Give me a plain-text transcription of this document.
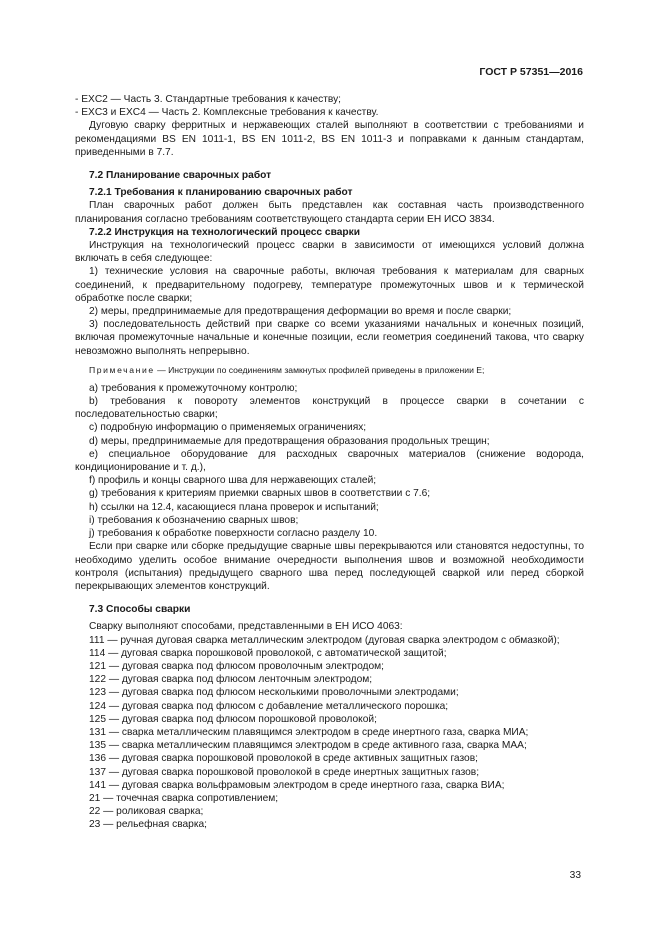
ГОСТ Р 57351—2016

- EXC2 — Часть 3. Стандартные требования к качеству;

- EXC3 и EXC4 — Часть 2. Комплексные требования к качеству.

Дуговую сварку ферритных и нержавеющих сталей выполняют в соответствии с требованиями и рекомендациями BS EN 1011-1, BS EN 1011-2, BS EN 1011-3 и поправками к данным стандартам, приведенными в 7.7.

7.2 Планирование сварочных работ

7.2.1 Требования к планированию сварочных работ

План сварочных работ должен быть представлен как составная часть производственного планирования согласно требованиям соответствующего стандарта серии ЕН ИСО 3834.

7.2.2 Инструкция на технологический процесс сварки

Инструкция на технологический процесс сварки в зависимости от имеющихся условий должна включать в себя следующее:

1) технические условия на сварочные работы, включая требования к материалам для сварных соединений, к предварительному подогреву, температуре промежуточных швов и к термической обработке после сварки;

2) меры, предпринимаемые для предотвращения деформации во время и после сварки;

3) последовательность действий при сварке со всеми указаниями начальных и конечных позиций, включая промежуточные начальные и конечные позиции, если геометрия соединений такова, что сварку невозможно выполнять непрерывно.

Примечание — Инструкции по соединениям замкнутых профилей приведены в приложении Е;

a) требования к промежуточному контролю;

b) требования к повороту элементов конструкций в процессе сварки в сочетании с последовательностью сварки;

c) подробную информацию о применяемых ограничениях;

d) меры, предпринимаемые для предотвращения образования продольных трещин;

e) специальное оборудование для расходных сварочных материалов (снижение водорода, кондиционирование и т. д.),

f) профиль и концы сварного шва для нержавеющих сталей;

g) требования к критериям приемки сварных швов в соответствии с 7.6;

h) ссылки на 12.4, касающиеся плана проверок и испытаний;

i) требования к обозначению сварных швов;

j) требования к обработке поверхности согласно разделу 10.

Если при сварке или сборке предыдущие сварные швы перекрываются или становятся недоступны, то необходимо уделить особое внимание очередности выполнения швов и возможной необходимости контроля (испытания) предыдущего сварного шва перед последующей сваркой или перед сборкой перекрывающих элементов конструкций.

7.3 Способы сварки

Сварку выполняют способами, представленными в ЕН ИСО 4063:

111 — ручная дуговая сварка металлическим электродом (дуговая сварка электродом с обмазкой);

114 — дуговая сварка порошковой проволокой, с автоматической защитой;

121 — дуговая сварка под флюсом проволочным электродом;

122 — дуговая сварка под флюсом ленточным электродом;

123 — дуговая сварка под флюсом несколькими проволочными электродами;

124 — дуговая сварка под флюсом с добавление металлического порошка;

125 — дуговая сварка под флюсом порошковой проволокой;

131 — сварка металлическим плавящимся электродом в среде инертного газа, сварка МИА;

135 — сварка металлическим плавящимся электродом в среде активного газа, сварка МАА;

136 — дуговая сварка порошковой проволокой в среде активных защитных газов;

137 — дуговая сварка порошковой проволокой в среде инертных защитных газов;

141 — дуговая сварка вольфрамовым электродом в среде инертного газа, сварка ВИА;

21 — точечная сварка сопротивлением;

22 — роликовая сварка;

23 — рельефная сварка;

33
